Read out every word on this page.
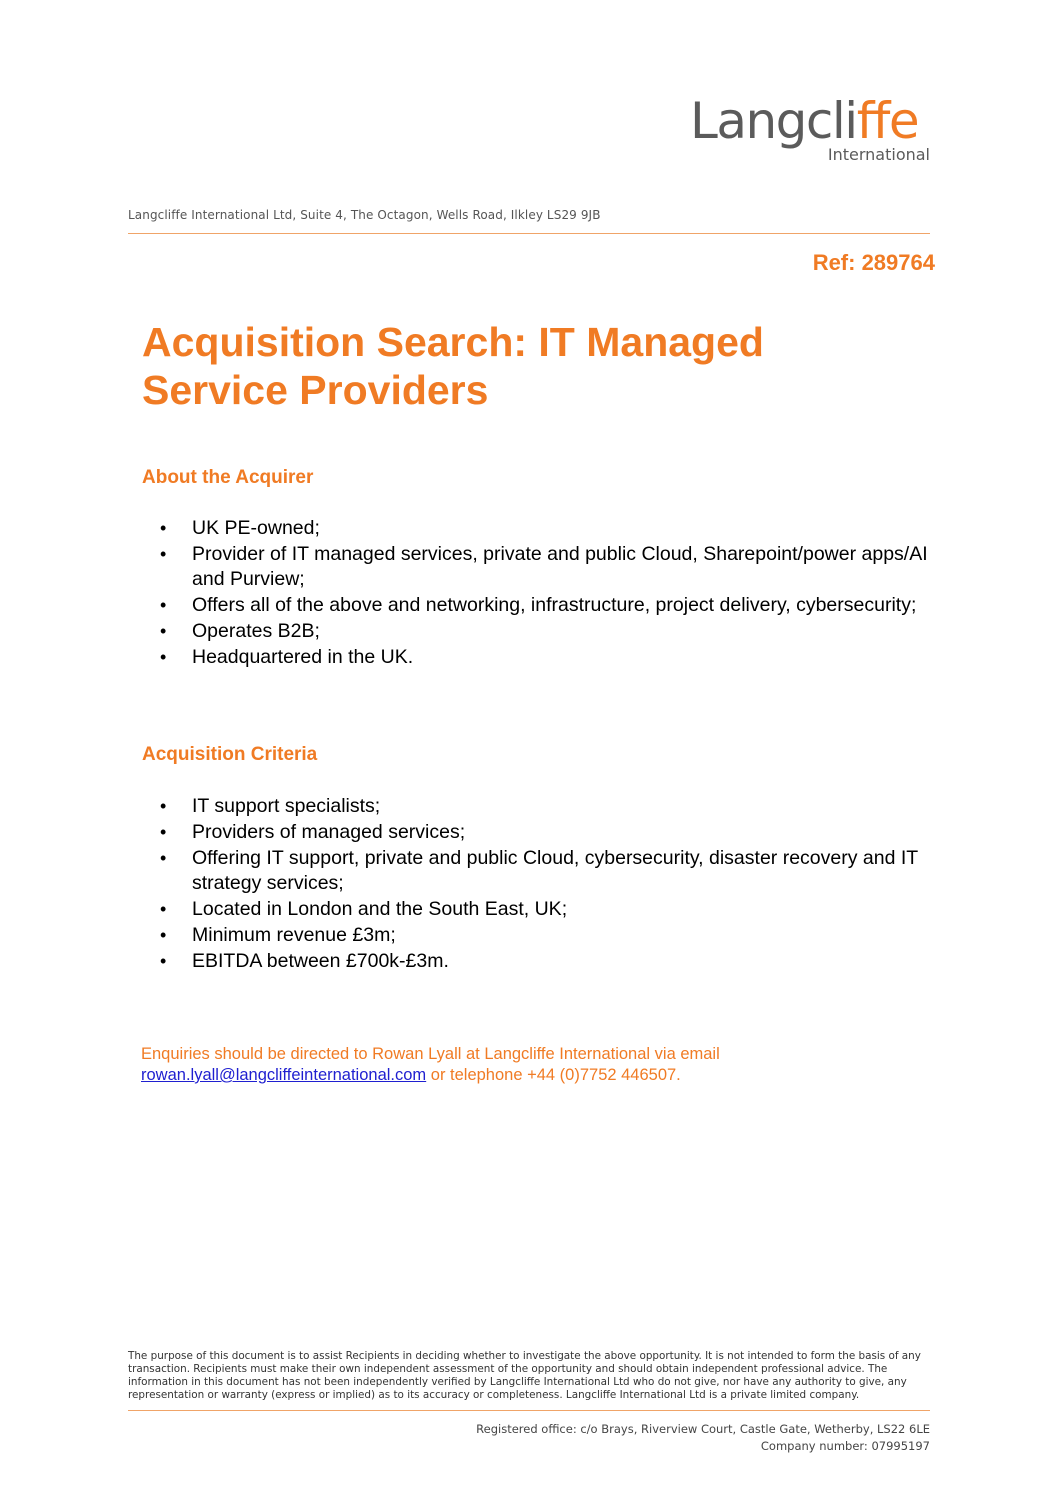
Langcliffe
International
Langcliffe International Ltd, Suite 4, The Octagon, Wells Road, Ilkley LS29 9JB
Ref: 289764
Acquisition Search: IT Managed Service Providers
About the Acquirer
• UK PE-owned;
• Provider of IT managed services, private and public Cloud, Sharepoint/power apps/AI and Purview;
• Offers all of the above and networking, infrastructure, project delivery, cybersecurity;
• Operates B2B;
• Headquartered in the UK.
Acquisition Criteria
• IT support specialists;
• Providers of managed services;
• Offering IT support, private and public Cloud, cybersecurity, disaster recovery and IT strategy services;
• Located in London and the South East, UK;
• Minimum revenue £3m;
• EBITDA between £700k-£3m.
Enquiries should be directed to Rowan Lyall at Langcliffe International via email
rowan.lyall@langcliffeinternational.com or telephone +44 (0)7752 446507.
The purpose of this document is to assist Recipients in deciding whether to investigate the above opportunity. It is not intended to form the basis of any transaction. Recipients must make their own independent assessment of the opportunity and should obtain independent professional advice. The information in this document has not been independently verified by Langcliffe International Ltd who do not give, nor have any authority to give, any representation or warranty (express or implied) as to its accuracy or completeness. Langcliffe International Ltd is a private limited company.
Registered office: c/o Brays, Riverview Court, Castle Gate, Wetherby, LS22 6LE
Company number: 07995197
